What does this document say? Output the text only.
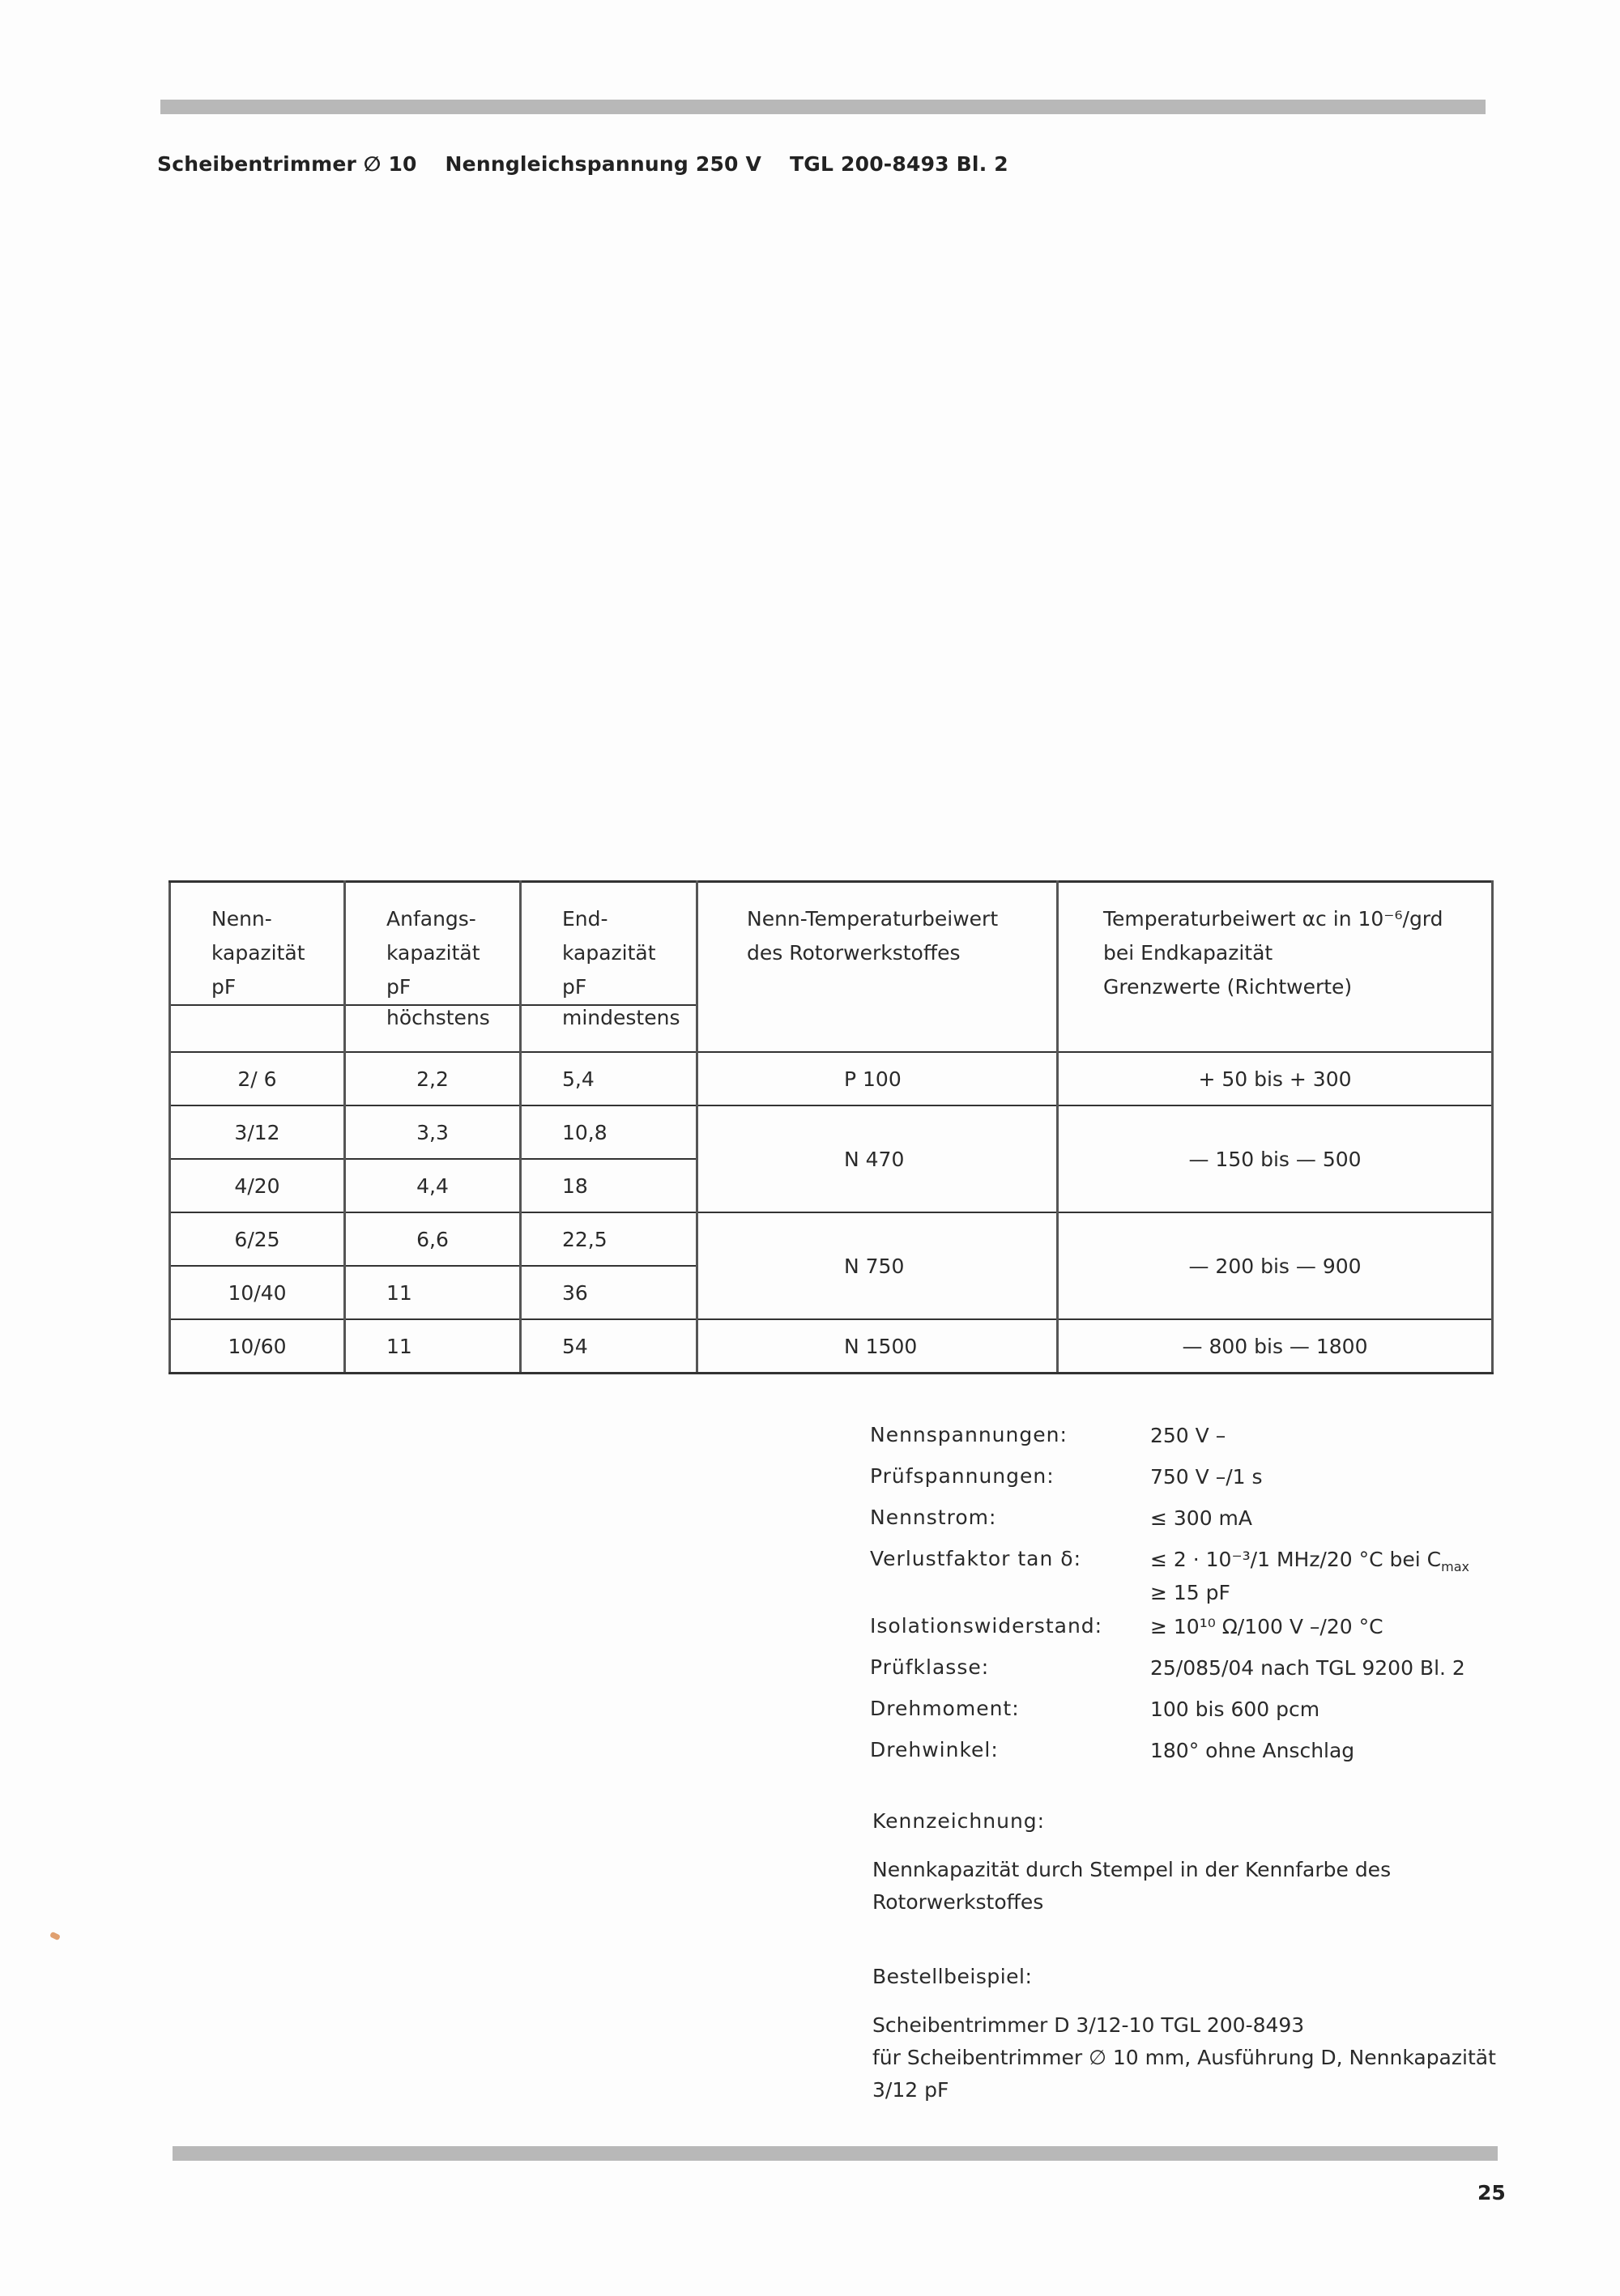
Scheibentrimmer ∅ 10 Nenngleichspannung 250 V TGL 200-8493 Bl. 2
Nenn-
kapazität
pF	Anfangs-
kapazität
pF	End-
kapazität
pF	Nenn-Temperaturbeiwert
des Rotorwerkstoffes	Temperaturbeiwert αc in 10⁻⁶/grd
bei Endkapazität
Grenzwerte (Richtwerte)

	höchstens	mindestens		
2/ 6	2,2	5,4	P 100	+ 50 bis + 300
3/12	3,3	10,8	N 470	— 150 bis — 500
4/20	4,4	18		
6/25	6,6	22,5	N 750	— 200 bis — 900
10/40	11	36		
10/60	11	54	N 1500	— 800 bis — 1800
Nennspannungen:	250 V –
Prüfspannungen:	750 V –/1 s
Nennstrom:	≤ 300 mA
Verlustfaktor tan δ:	≤ 2 · 10⁻³/1 MHz/20 °C bei $C_{max}$
≥ 15 pF
Isolationswiderstand: ≥ 10¹⁰ Ω/100 V –/20 °C
Prüfklasse:	25/085/04 nach TGL 9200 Bl. 2
Drehmoment:	100 bis 600 pcm
Drehwinkel:	180° ohne Anschlag
Kennzeichnung:
Nennkapazität durch Stempel in der Kennfarbe des Rotorwerkstoffes
Bestellbeispiel:
Scheibentrimmer D 3/12-10 TGL 200-8493
für Scheibentrimmer ∅ 10 mm, Ausführung D, Nennkapazität 3/12 pF
25
